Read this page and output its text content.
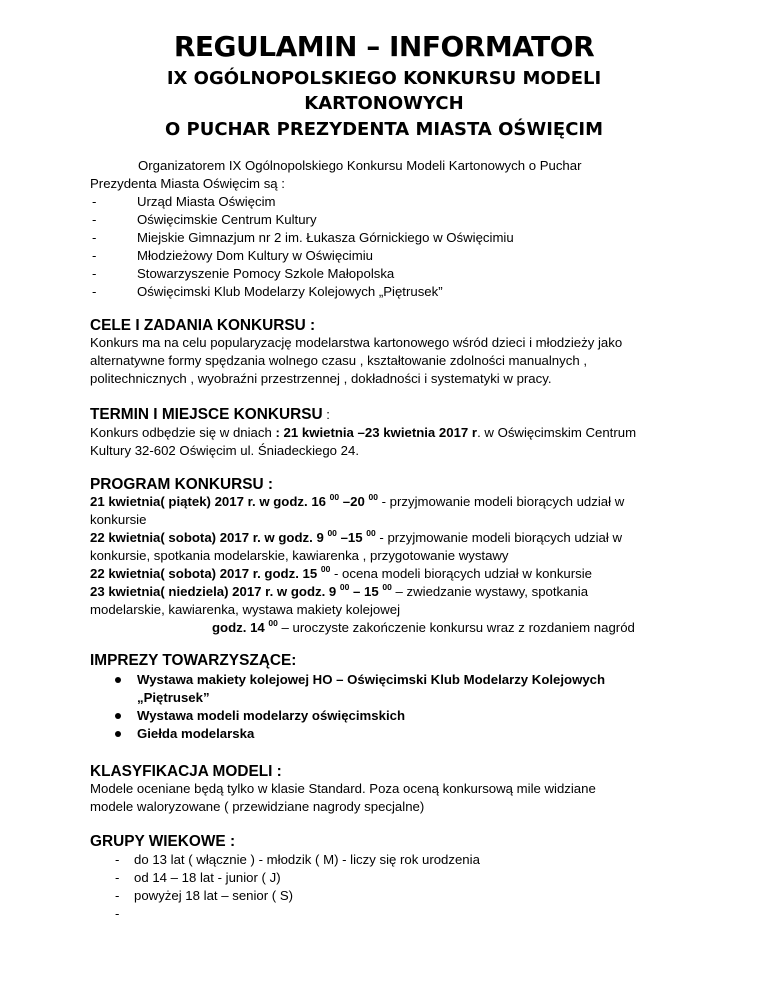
REGULAMIN – INFORMATOR
IX OGÓLNOPOLSKIEGO KONKURSU MODELI
KARTONOWYCH
O PUCHAR PREZYDENTA MIASTA OŚWIĘCIM
Organizatorem IX Ogólnopolskiego Konkursu Modeli Kartonowych o Puchar
Prezydenta Miasta Oświęcim są :
-	Urząd Miasta Oświęcim
-	Oświęcimskie Centrum Kultury
-	Miejskie Gimnazjum nr 2 im. Łukasza Górnickiego w Oświęcimiu
-	Młodzieżowy Dom Kultury w Oświęcimiu
-	Stowarzyszenie Pomocy Szkole Małopolska
-	Oświęcimski Klub Modelarzy Kolejowych „Piętrusek”
CELE I ZADANIA KONKURSU :
Konkurs ma na celu popularyzację modelarstwa kartonowego wśród dzieci i młodzieży jako
alternatywne formy spędzania wolnego czasu , kształtowanie zdolności manualnych ,
politechnicznych , wyobraźni przestrzennej , dokładności i systematyki w pracy.
TERMIN I MIEJSCE KONKURSU :
Konkurs odbędzie się w dniach : 21 kwietnia –23 kwietnia 2017 r. w Oświęcimskim Centrum
Kultury 32-602 Oświęcim ul. Śniadeckiego 24.
PROGRAM KONKURSU :
21 kwietnia( piątek) 2017 r. w godz. 16 $^{00}$ –20 $^{00}$ - przyjmowanie modeli biorących udział w
konkursie
22 kwietnia( sobota) 2017 r. w godz. 9 $^{00}$ –15 $^{00}$ - przyjmowanie modeli biorących udział w
konkursie, spotkania modelarskie, kawiarenka , przygotowanie wystawy
22 kwietnia( sobota) 2017 r. godz. 15 $^{00}$ - ocena modeli biorących udział w konkursie
23 kwietnia( niedziela) 2017 r. w godz. 9 $^{00}$ – 15 $^{00}$ – zwiedzanie wystawy, spotkania
modelarskie, kawiarenka, wystawa makiety kolejowej
godz. 14 $^{00}$ – uroczyste zakończenie konkursu wraz z rozdaniem nagród
IMPREZY TOWARZYSZĄCE:
Wystawa makiety kolejowej HO – Oświęcimski Klub Modelarzy Kolejowych „Piętrusek”
Wystawa modeli modelarzy oświęcimskich
Giełda modelarska
KLASYFIKACJA MODELI :
Modele oceniane będą tylko w klasie Standard. Poza oceną konkursową mile widziane
modele waloryzowane ( przewidziane nagrody specjalne)
GRUPY WIEKOWE :
- do 13 lat ( włącznie ) - młodzik ( M) - liczy się rok urodzenia
- od 14 – 18 lat - junior ( J)
- powyżej 18 lat – senior ( S)
-
